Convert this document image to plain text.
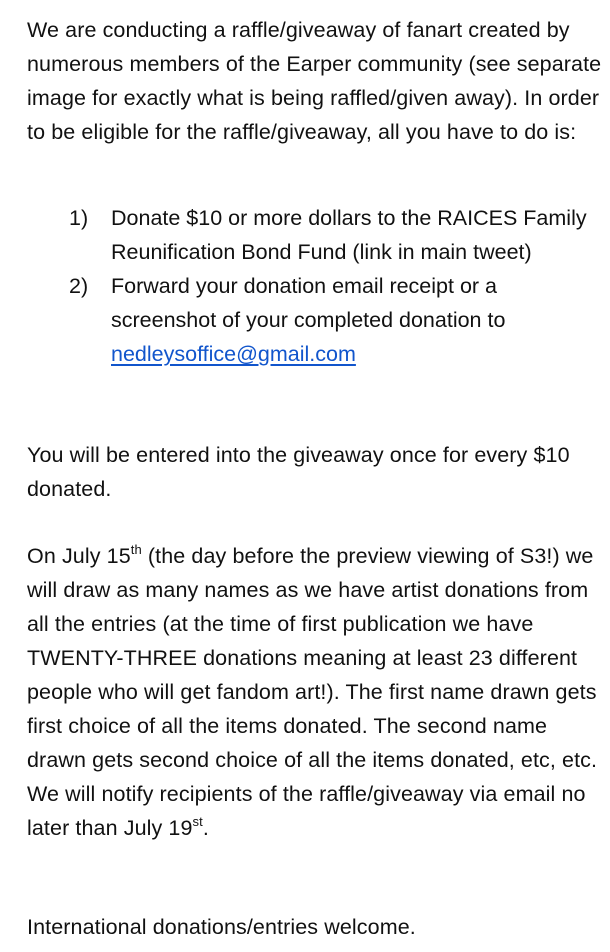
We are conducting a raffle/giveaway of fanart created by numerous members of the Earper community (see separate image for exactly what is being raffled/given away). In order to be eligible for the raffle/giveaway, all you have to do is:

1)	Donate $10 or more dollars to the RAICES Family Reunification Bond Fund (link in main tweet)
2)	Forward your donation email receipt or a screenshot of your completed donation to nedleysoffice@gmail.com

You will be entered into the giveaway once for every $10 donated.

On July 15th (the day before the preview viewing of S3!) we will draw as many names as we have artist donations from all the entries (at the time of first publication we have TWENTY-THREE donations meaning at least 23 different people who will get fandom art!). The first name drawn gets first choice of all the items donated. The second name drawn gets second choice of all the items donated, etc, etc. We will notify recipients of the raffle/giveaway via email no later than July 19st.

International donations/entries welcome.
